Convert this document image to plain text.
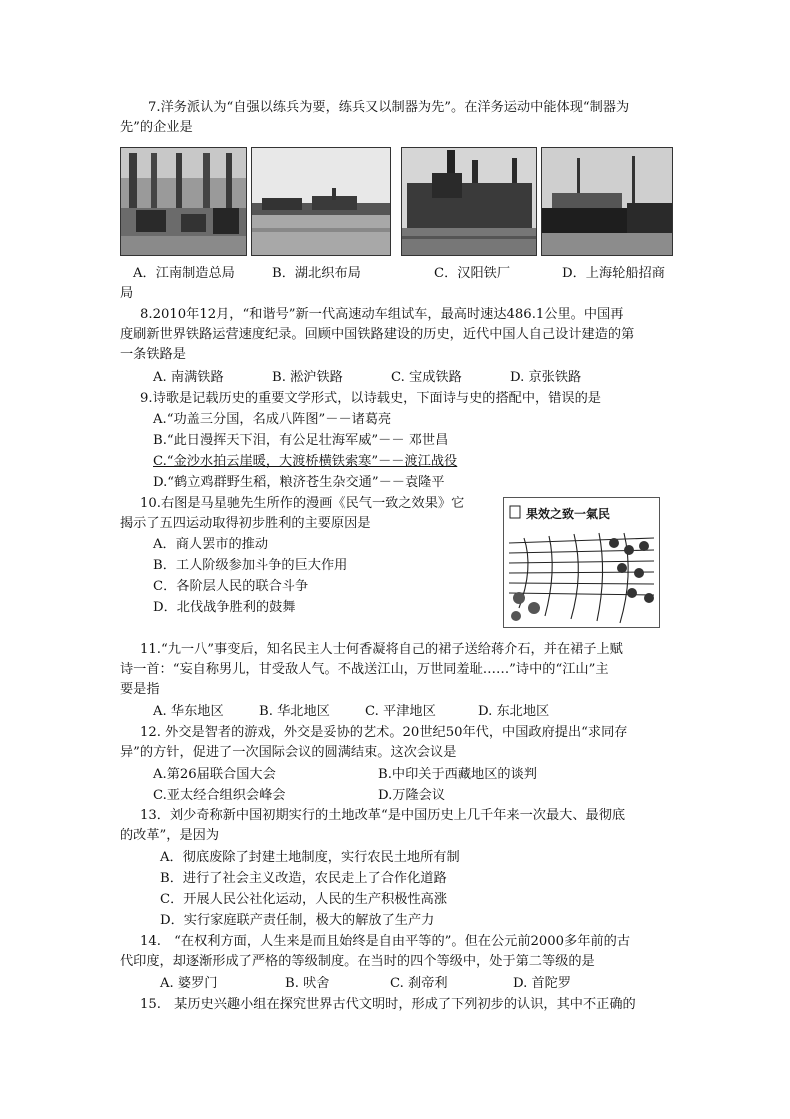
7.洋务派认为“自强以练兵为要，练兵又以制器为先”。在洋务运动中能体现“制器为
先”的企业是
A．江南制造总局	B．湖北织布局	C．汉阳铁厂	D．上海轮船招商
局
8.2010年12月，“和谐号”新一代高速动车组试车，最高时速达486.1公里。中国再
度刷新世界铁路运营速度纪录。回顾中国铁路建设的历史，近代中国人自己设计建造的第
一条铁路是
A. 南满铁路	B. 淞沪铁路	C. 宝成铁路	D. 京张铁路
9.诗歌是记载历史的重要文学形式，以诗载史，下面诗与史的搭配中，错误的是
A.“功盖三分国，名成八阵图”－－诸葛亮
B.“此日漫挥天下泪，有公足壮海军威”－－ 邓世昌
C.“金沙水拍云崖暖，大渡桥横铁索寒”－－渡江战役
D.“鹤立鸡群野生稻，粮济苍生杂交通”－－袁隆平
10.右图是马星驰先生所作的漫画《民气一致之效果》它
揭示了五四运动取得初步胜利的主要原因是
A．商人罢市的推动
B．工人阶级参加斗争的巨大作用
C．各阶层人民的联合斗争
D．北伐战争胜利的鼓舞
果效之致一氣民
11.“九一八”事变后，知名民主人士何香凝将自己的裙子送给蒋介石，并在裙子上赋
诗一首：“妄自称男儿，甘受敌人气。不战送江山，万世同羞耻……”诗中的“江山”主
要是指
A. 华东地区	B. 华北地区	C. 平津地区	D. 东北地区
12. 外交是智者的游戏，外交是妥协的艺术。20世纪50年代，中国政府提出“求同存
异”的方针，促进了一次国际会议的圆满结束。这次会议是
A.第26届联合国大会	B.中印关于西藏地区的谈判
C.亚太经合组织会峰会	D.万隆会议
13．刘少奇称新中国初期实行的土地改革“是中国历史上几千年来一次最大、最彻底
的改革”，是因为
A．彻底废除了封建土地制度，实行农民土地所有制
B．进行了社会主义改造，农民走上了合作化道路
C．开展人民公社化运动，人民的生产积极性高涨
D．实行家庭联产责任制，极大的解放了生产力
14.　“在权利方面，人生来是而且始终是自由平等的”。但在公元前2000多年前的古
代印度，却逐渐形成了严格的等级制度。在当时的四个等级中，处于第二等级的是
A. 婆罗门	B. 吠舍	C. 刹帝利	D. 首陀罗
15.　某历史兴趣小组在探究世界古代文明时，形成了下列初步的认识，其中不正确的
